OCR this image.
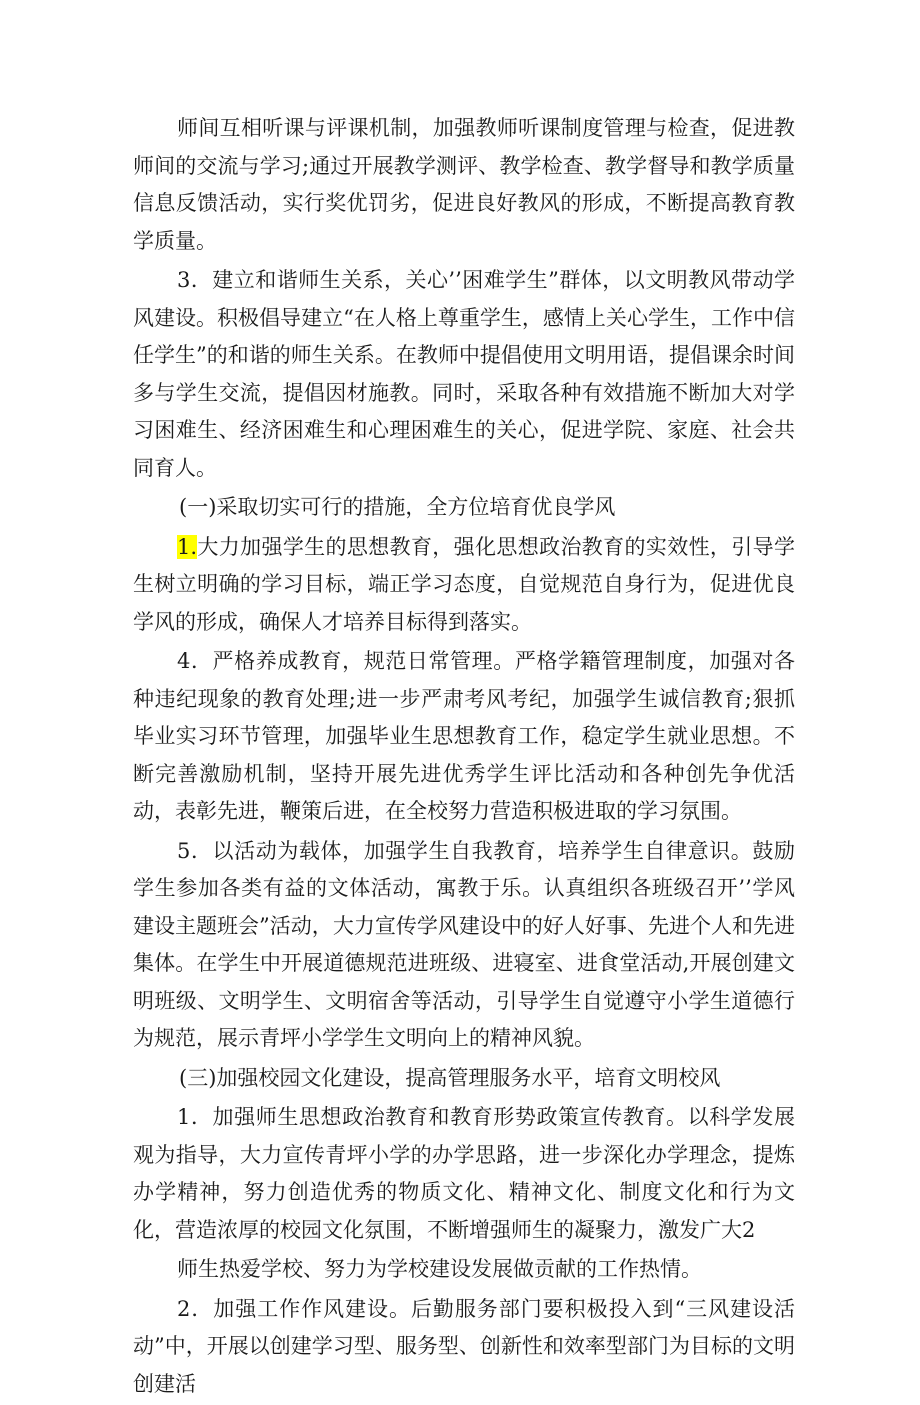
师间互相听课与评课机制，加强教师听课制度管理与检查，促进教师间的交流与学习;通过开展教学测评、教学检查、教学督导和教学质量信息反馈活动，实行奖优罚劣，促进良好教风的形成，不断提高教育教学质量。

3．建立和谐师生关系，关心’’困难学生”群体，以文明教风带动学风建设。积极倡导建立“在人格上尊重学生，感情上关心学生，工作中信任学生”的和谐的师生关系。在教师中提倡使用文明用语，提倡课余时间多与学生交流，提倡因材施教。同时，采取各种有效措施不断加大对学习困难生、经济困难生和心理困难生的关心，促进学院、家庭、社会共同育人。

(一)采取切实可行的措施，全方位培育优良学风

1.大力加强学生的思想教育，强化思想政治教育的实效性，引导学生树立明确的学习目标，端正学习态度，自觉规范自身行为，促进优良学风的形成，确保人才培养目标得到落实。

4．严格养成教育，规范日常管理。严格学籍管理制度，加强对各种违纪现象的教育处理;进一步严肃考风考纪，加强学生诚信教育;狠抓毕业实习环节管理，加强毕业生思想教育工作，稳定学生就业思想。不断完善激励机制，坚持开展先进优秀学生评比活动和各种创先争优活动，表彰先进，鞭策后进，在全校努力营造积极进取的学习氛围。

5．以活动为载体，加强学生自我教育，培养学生自律意识。鼓励学生参加各类有益的文体活动，寓教于乐。认真组织各班级召开’’学风建设主题班会”活动，大力宣传学风建设中的好人好事、先进个人和先进集体。在学生中开展道德规范进班级、进寝室、进食堂活动,开展创建文明班级、文明学生、文明宿舍等活动，引导学生自觉遵守小学生道德行为规范，展示青坪小学学生文明向上的精神风貌。

(三)加强校园文化建设，提高管理服务水平，培育文明校风

1．加强师生思想政治教育和教育形势政策宣传教育。以科学发展观为指导，大力宣传青坪小学的办学思路，进一步深化办学理念，提炼办学精神，努力创造优秀的物质文化、精神文化、制度文化和行为文化，营造浓厚的校园文化氛围，不断增强师生的凝聚力，激发广大2

师生热爱学校、努力为学校建设发展做贡献的工作热情。

2．加强工作作风建设。后勤服务部门要积极投入到“三风建设活动”中，开展以创建学习型、服务型、创新性和效率型部门为目标的文明创建活
